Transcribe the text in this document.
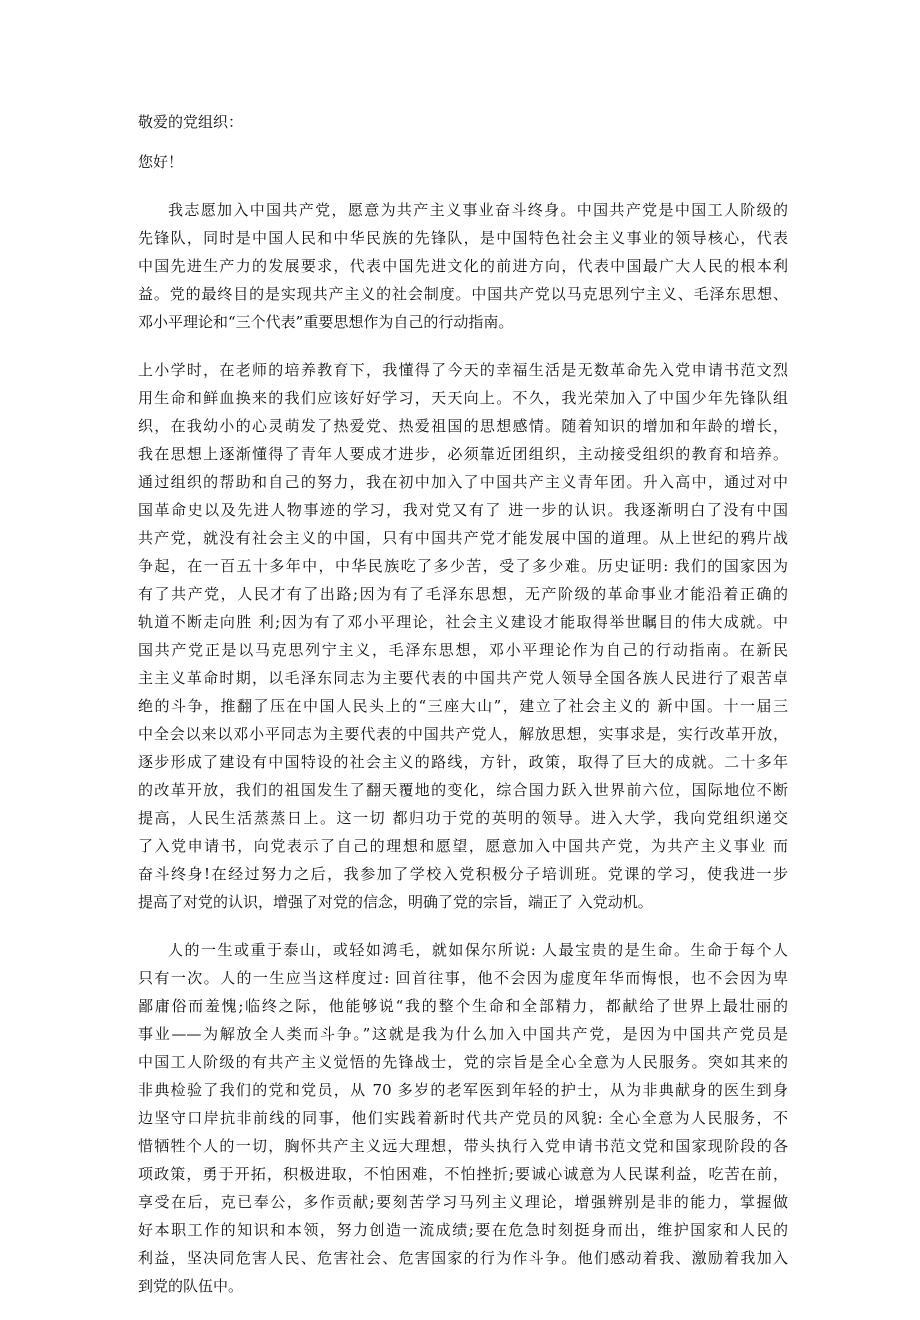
敬爱的党组织：

您好！

我志愿加入中国共产党，愿意为共产主义事业奋斗终身。中国共产党是中国工人阶级的

先锋队，同时是中国人民和中华民族的先锋队，是中国特色社会主义事业的领导核心，代表

中国先进生产力的发展要求，代表中国先进文化的前进方向，代表中国最广大人民的根本利

益。党的最终目的是实现共产主义的社会制度。中国共产党以马克思列宁主义、毛泽东思想、

邓小平理论和“三个代表”重要思想作为自己的行动指南。

上小学时，在老师的培养教育下，我懂得了今天的幸福生活是无数革命先入党申请书范文烈

用生命和鲜血换来的我们应该好好学习，天天向上。不久，我光荣加入了中国少年先锋队组

织，在我幼小的心灵萌发了热爱党、热爱祖国的思想感情。随着知识的增加和年龄的增长，

我在思想上逐渐懂得了青年人要成才进步，必须靠近团组织，主动接受组织的教育和培养。

通过组织的帮助和自己的努力，我在初中加入了中国共产主义青年团。升入高中，通过对中

国革命史以及先进人物事迹的学习，我对党又有了 进一步的认识。我逐渐明白了没有中国

共产党，就没有社会主义的中国，只有中国共产党才能发展中国的道理。从上世纪的鸦片战

争起，在一百五十多年中，中华民族吃了多少苦，受了多少难。历史证明: 我们的国家因为

有了共产党，人民才有了出路;因为有了毛泽东思想，无产阶级的革命事业才能沿着正确的

轨道不断走向胜 利;因为有了邓小平理论，社会主义建设才能取得举世瞩目的伟大成就。中

国共产党正是以马克思列宁主义，毛泽东思想，邓小平理论作为自己的行动指南。在新民

主主义革命时期，以毛泽东同志为主要代表的中国共产党人领导全国各族人民进行了艰苦卓

绝的斗争，推翻了压在中国人民头上的“三座大山”，建立了社会主义的 新中国。十一届三

中全会以来以邓小平同志为主要代表的中国共产党人，解放思想，实事求是，实行改革开放，

逐步形成了建设有中国特设的社会主义的路线，方针，政策，取得了巨大的成就。二十多年

的改革开放，我们的祖国发生了翻天覆地的变化，综合国力跃入世界前六位，国际地位不断

提高，人民生活蒸蒸日上。这一切 都归功于党的英明的领导。进入大学，我向党组织递交

了入党申请书，向党表示了自己的理想和愿望，愿意加入中国共产党，为共产主义事业 而

奋斗终身!在经过努力之后，我参加了学校入党积极分子培训班。党课的学习，使我进一步

提高了对党的认识，增强了对党的信念，明确了党的宗旨，端正了 入党动机。

人的一生或重于泰山，或轻如鸿毛，就如保尔所说: 人最宝贵的是生命。生命于每个人

只有一次。人的一生应当这样度过: 回首往事，他不会因为虚度年华而悔恨，也不会因为卑

鄙庸俗而羞愧;临终之际，他能够说“我的整个生命和全部精力，都献给了世界上最壮丽的

事业——为解放全人类而斗争。”这就是我为什么加入中国共产党，是因为中国共产党员是

中国工人阶级的有共产主义觉悟的先锋战士，党的宗旨是全心全意为人民服务。突如其来的

非典检验了我们的党和党员，从 70 多岁的老军医到年轻的护士，从为非典献身的医生到身

边坚守口岸抗非前线的同事，他们实践着新时代共产党员的风貌: 全心全意为人民服务，不

惜牺牲个人的一切，胸怀共产主义远大理想，带头执行入党申请书范文党和国家现阶段的各

项政策，勇于开拓，积极进取，不怕困难，不怕挫折;要诚心诚意为人民谋利益，吃苦在前，

享受在后，克已奉公，多作贡献;要刻苦学习马列主义理论，增强辨别是非的能力，掌握做

好本职工作的知识和本领，努力创造一流成绩;要在危急时刻挺身而出，维护国家和人民的

利益，坚决同危害人民、危害社会、危害国家的行为作斗争。他们感动着我、激励着我加入

到党的队伍中。
